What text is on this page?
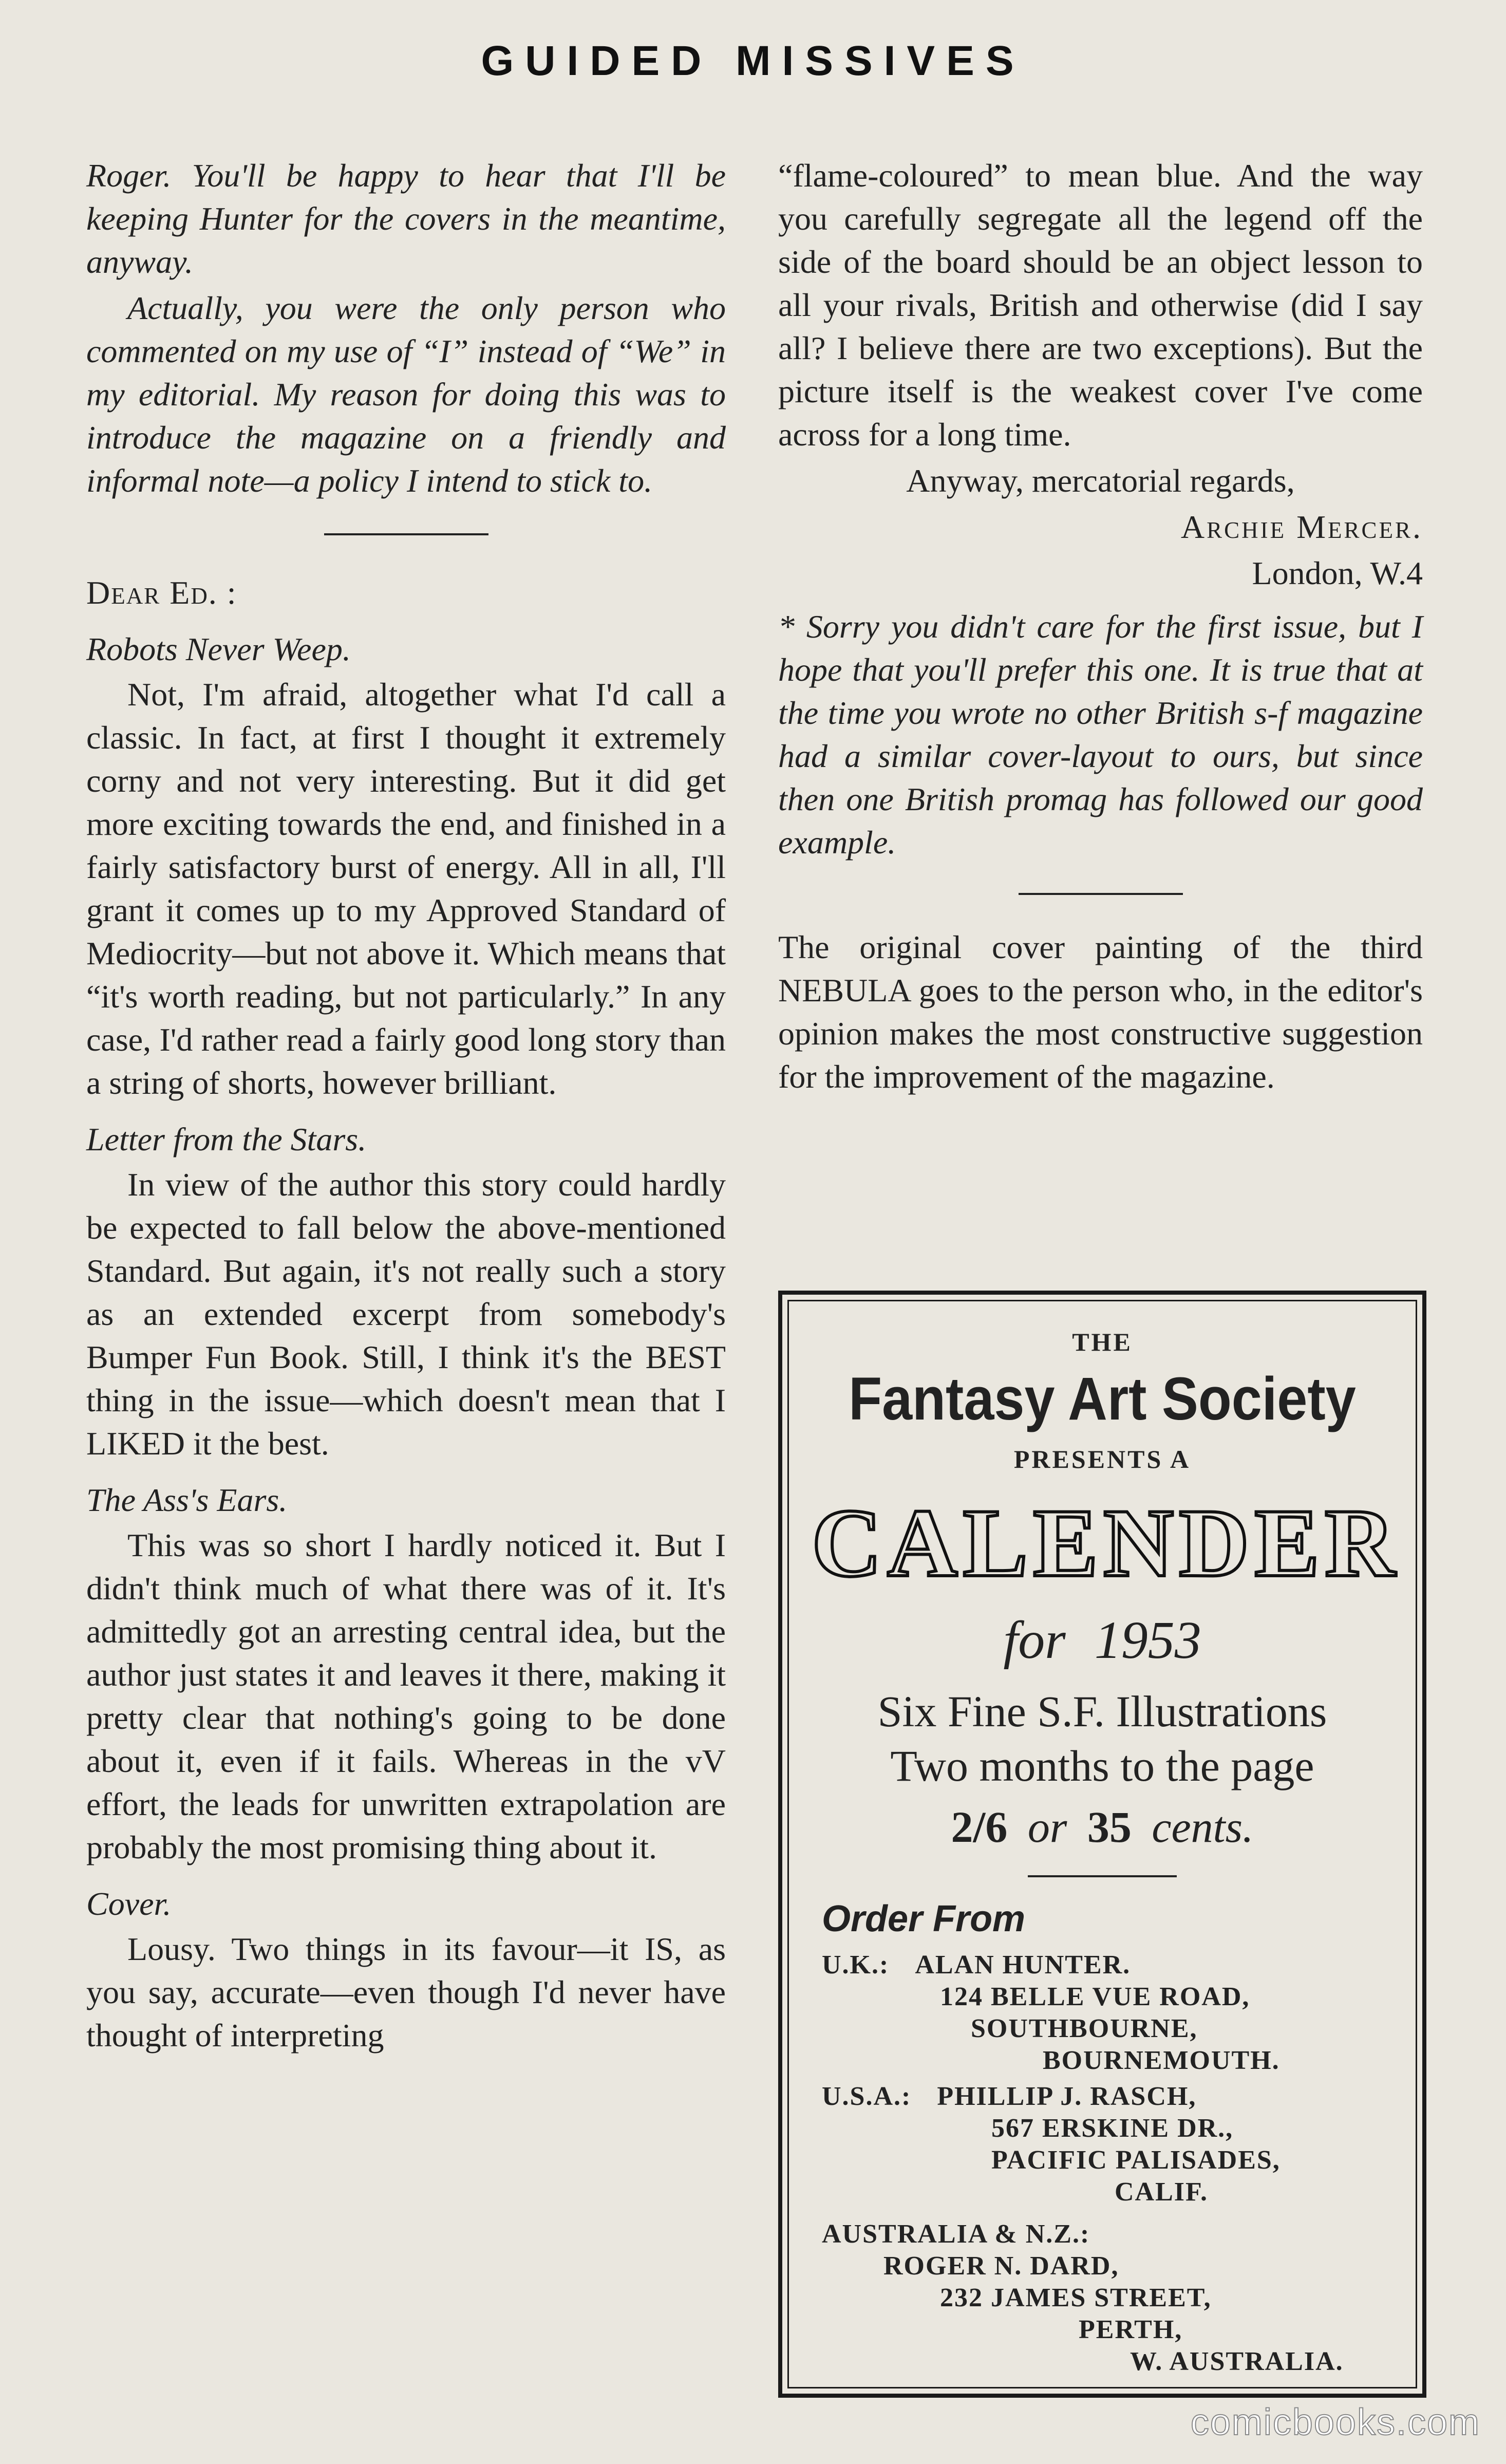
GUIDED MISSIVES

Roger. You'll be happy to hear that I'll be keeping Hunter for the covers in the meantime, anyway.

Actually, you were the only person who commented on my use of “I” instead of “We” in my editorial. My reason for doing this was to introduce the magazine on a friendly and informal note—a policy I intend to stick to.

Dear Ed. :

Robots Never Weep.

Not, I'm afraid, altogether what I'd call a classic. In fact, at first I thought it extremely corny and not very interesting. But it did get more exciting towards the end, and finished in a fairly satisfactory burst of energy. All in all, I'll grant it comes up to my Approved Standard of Mediocrity—but not above it. Which means that “it's worth reading, but not particularly.” In any case, I'd rather read a fairly good long story than a string of shorts, however brilliant.

Letter from the Stars.

In view of the author this story could hardly be expected to fall below the above-mentioned Standard. But again, it's not really such a story as an extended excerpt from somebody's Bumper Fun Book. Still, I think it's the BEST thing in the issue—which doesn't mean that I LIKED it the best.

The Ass's Ears.

This was so short I hardly noticed it. But I didn't think much of what there was of it. It's admittedly got an arresting central idea, but the author just states it and leaves it there, making it pretty clear that nothing's going to be done about it, even if it fails. Whereas in the vV effort, the leads for unwritten extrapolation are probably the most promising thing about it.

Cover.

Lousy. Two things in its favour—it IS, as you say, accurate—even though I'd never have thought of interpreting

“flame-coloured” to mean blue. And the way you carefully segregate all the legend off the side of the board should be an object lesson to all your rivals, British and otherwise (did I say all? I believe there are two exceptions). But the picture itself is the weakest cover I've come across for a long time.

Anyway, mercatorial regards,

Archie Mercer.

London, W.4

* Sorry you didn't care for the first issue, but I hope that you'll prefer this one. It is true that at the time you wrote no other British s-f magazine had a similar cover-layout to ours, but since then one British promag has followed our good example.

The original cover painting of the third NEBULA goes to the person who, in the editor's opinion makes the most constructive suggestion for the improvement of the magazine.

THE
Fantasy Art Society
PRESENTS A
CALENDER
for 1953
Six Fine S.F. Illustrations
Two months to the page
2/6 or 35 cents.
Order From
U.K.: ALAN HUNTER.
124 BELLE VUE ROAD,
SOUTHBOURNE,
BOURNEMOUTH.
U.S.A.: PHILLIP J. RASCH,
567 ERSKINE DR.,
PACIFIC PALISADES,
CALIF.
AUSTRALIA & N.Z.:
ROGER N. DARD,
232 JAMES STREET,
PERTH,
W. AUSTRALIA.
comicbooks.com
